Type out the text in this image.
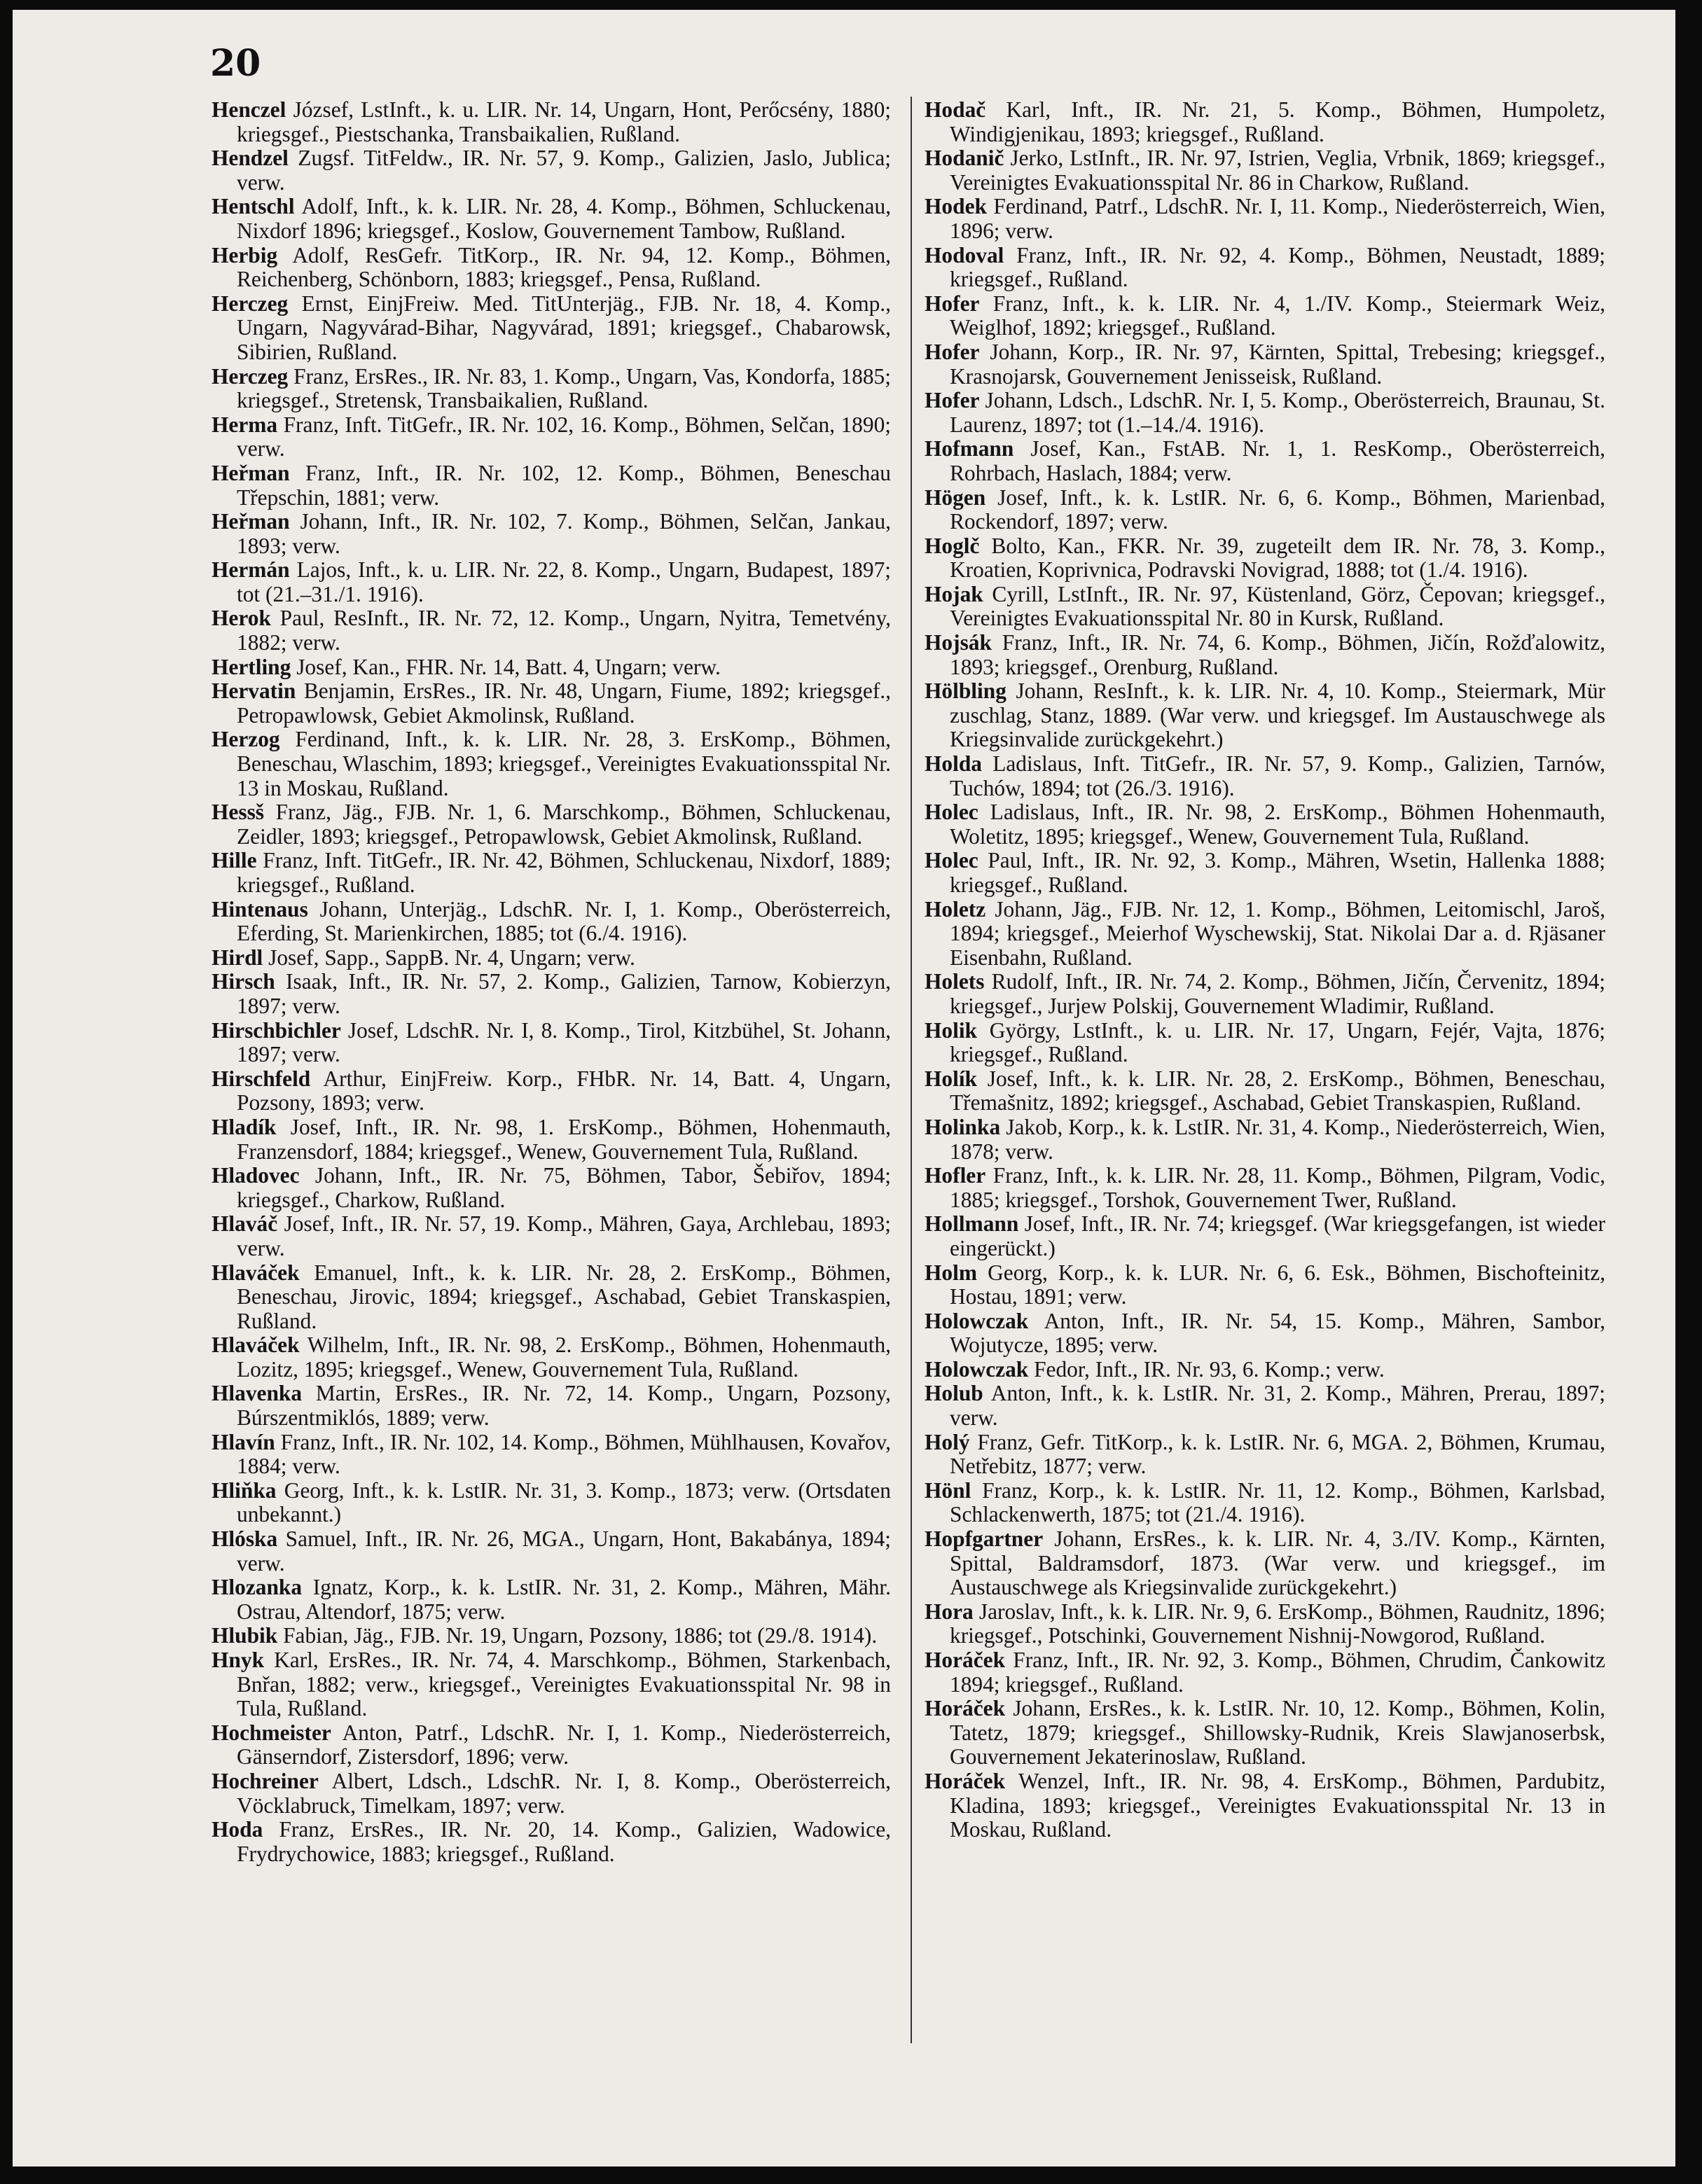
20

Henczel József, LstInft., k. u. LIR. Nr. 14, Ungarn, Hont, Perőcsény, 1880; kriegsgef., Piestschanka, Transbaikalien, Rußland.

Hendzel Zugsf. TitFeldw., IR. Nr. 57, 9. Komp., Galizien, Jaslo, Jublica; verw.

Hentschl Adolf, Inft., k. k. LIR. Nr. 28, 4. Komp., Böhmen, Schluckenau, Nixdorf 1896; kriegsgef., Koslow, Gouvernement Tambow, Rußland.

Herbig Adolf, ResGefr. TitKorp., IR. Nr. 94, 12. Komp., Böhmen, Reichenberg, Schönborn, 1883; kriegsgef., Pensa, Rußland.

Herczeg Ernst, EinjFreiw. Med. TitUnterjäg., FJB. Nr. 18, 4. Komp., Ungarn, Nagyvárad-Bihar, Nagyvárad, 1891; kriegsgef., Chabarowsk, Sibirien, Rußland.

Herczeg Franz, ErsRes., IR. Nr. 83, 1. Komp., Ungarn, Vas, Kondorfa, 1885; kriegsgef., Stretensk, Transbaikalien, Rußland.

Herma Franz, Inft. TitGefr., IR. Nr. 102, 16. Komp., Böhmen, Selčan, 1890; verw.

Heřman Franz, Inft., IR. Nr. 102, 12. Komp., Böhmen, Beneschau Třepschin, 1881; verw.

Heřman Johann, Inft., IR. Nr. 102, 7. Komp., Böhmen, Selčan, Jankau, 1893; verw.

Hermán Lajos, Inft., k. u. LIR. Nr. 22, 8. Komp., Ungarn, Budapest, 1897; tot (21.–31./1. 1916).

Herok Paul, ResInft., IR. Nr. 72, 12. Komp., Ungarn, Nyitra, Temetvény, 1882; verw.

Hertling Josef, Kan., FHR. Nr. 14, Batt. 4, Ungarn; verw.

Hervatin Benjamin, ErsRes., IR. Nr. 48, Ungarn, Fiume, 1892; kriegsgef., Petropawlowsk, Gebiet Akmolinsk, Rußland.

Herzog Ferdinand, Inft., k. k. LIR. Nr. 28, 3. ErsKomp., Böhmen, Beneschau, Wlaschim, 1893; kriegsgef., Vereinigtes Evakuationsspital Nr. 13 in Moskau, Rußland.

Hessš Franz, Jäg., FJB. Nr. 1, 6. Marschkomp., Böhmen, Schluckenau, Zeidler, 1893; kriegsgef., Petropawlowsk, Gebiet Akmolinsk, Rußland.

Hille Franz, Inft. TitGefr., IR. Nr. 42, Böhmen, Schluckenau, Nixdorf, 1889; kriegsgef., Rußland.

Hintenaus Johann, Unterjäg., LdschR. Nr. I, 1. Komp., Oberösterreich, Eferding, St. Marienkirchen, 1885; tot (6./4. 1916).

Hirdl Josef, Sapp., SappB. Nr. 4, Ungarn; verw.

Hirsch Isaak, Inft., IR. Nr. 57, 2. Komp., Galizien, Tarnow, Kobierzyn, 1897; verw.

Hirschbichler Josef, LdschR. Nr. I, 8. Komp., Tirol, Kitzbühel, St. Johann, 1897; verw.

Hirschfeld Arthur, EinjFreiw. Korp., FHbR. Nr. 14, Batt. 4, Ungarn, Pozsony, 1893; verw.

Hladík Josef, Inft., IR. Nr. 98, 1. ErsKomp., Böhmen, Hohenmauth, Franzensdorf, 1884; kriegsgef., Wenew, Gouvernement Tula, Rußland.

Hladovec Johann, Inft., IR. Nr. 75, Böhmen, Tabor, Šebiřov, 1894; kriegsgef., Charkow, Rußland.

Hlaváč Josef, Inft., IR. Nr. 57, 19. Komp., Mähren, Gaya, Archlebau, 1893; verw.

Hlaváček Emanuel, Inft., k. k. LIR. Nr. 28, 2. ErsKomp., Böhmen, Beneschau, Jirovic, 1894; kriegsgef., Aschabad, Gebiet Transkaspien, Rußland.

Hlaváček Wilhelm, Inft., IR. Nr. 98, 2. ErsKomp., Böhmen, Hohenmauth, Lozitz, 1895; kriegsgef., Wenew, Gouvernement Tula, Rußland.

Hlavenka Martin, ErsRes., IR. Nr. 72, 14. Komp., Ungarn, Pozsony, Búrszentmiklós, 1889; verw.

Hlavín Franz, Inft., IR. Nr. 102, 14. Komp., Böhmen, Mühlhausen, Kovařov, 1884; verw.

Hliňka Georg, Inft., k. k. LstIR. Nr. 31, 3. Komp., 1873; verw. (Ortsdaten unbekannt.)

Hlóska Samuel, Inft., IR. Nr. 26, MGA., Ungarn, Hont, Bakabánya, 1894; verw.

Hlozanka Ignatz, Korp., k. k. LstIR. Nr. 31, 2. Komp., Mähren, Mähr. Ostrau, Altendorf, 1875; verw.

Hlubik Fabian, Jäg., FJB. Nr. 19, Ungarn, Pozsony, 1886; tot (29./8. 1914).

Hnyk Karl, ErsRes., IR. Nr. 74, 4. Marschkomp., Böhmen, Starkenbach, Bnřan, 1882; verw., kriegsgef., Vereinigtes Evakuationsspital Nr. 98 in Tula, Rußland.

Hochmeister Anton, Patrf., LdschR. Nr. I, 1. Komp., Niederösterreich, Gänserndorf, Zistersdorf, 1896; verw.

Hochreiner Albert, Ldsch., LdschR. Nr. I, 8. Komp., Oberösterreich, Vöcklabruck, Timelkam, 1897; verw.

Hoda Franz, ErsRes., IR. Nr. 20, 14. Komp., Galizien, Wadowice, Frydrychowice, 1883; kriegsgef., Rußland.

Hodač Karl, Inft., IR. Nr. 21, 5. Komp., Böhmen, Humpoletz, Windigjenikau, 1893; kriegsgef., Rußland.

Hodanič Jerko, LstInft., IR. Nr. 97, Istrien, Veglia, Vrbnik, 1869; kriegsgef., Vereinigtes Evakuationsspital Nr. 86 in Charkow, Rußland.

Hodek Ferdinand, Patrf., LdschR. Nr. I, 11. Komp., Niederösterreich, Wien, 1896; verw.

Hodoval Franz, Inft., IR. Nr. 92, 4. Komp., Böhmen, Neustadt, 1889; kriegsgef., Rußland.

Hofer Franz, Inft., k. k. LIR. Nr. 4, 1./IV. Komp., Steiermark Weiz, Weiglhof, 1892; kriegsgef., Rußland.

Hofer Johann, Korp., IR. Nr. 97, Kärnten, Spittal, Trebesing; kriegsgef., Krasnojarsk, Gouvernement Jenisseisk, Rußland.

Hofer Johann, Ldsch., LdschR. Nr. I, 5. Komp., Oberösterreich, Braunau, St. Laurenz, 1897; tot (1.–14./4. 1916).

Hofmann Josef, Kan., FstAB. Nr. 1, 1. ResKomp., Oberösterreich, Rohrbach, Haslach, 1884; verw.

Högen Josef, Inft., k. k. LstIR. Nr. 6, 6. Komp., Böhmen, Marienbad, Rockendorf, 1897; verw.

Hoglč Bolto, Kan., FKR. Nr. 39, zugeteilt dem IR. Nr. 78, 3. Komp., Kroatien, Koprivnica, Podravski Novigrad, 1888; tot (1./4. 1916).

Hojak Cyrill, LstInft., IR. Nr. 97, Küstenland, Görz, Čepovan; kriegsgef., Vereinigtes Evakuationsspital Nr. 80 in Kursk, Rußland.

Hojsák Franz, Inft., IR. Nr. 74, 6. Komp., Böhmen, Jičín, Rožďalowitz, 1893; kriegsgef., Orenburg, Rußland.

Hölbling Johann, ResInft., k. k. LIR. Nr. 4, 10. Komp., Steiermark, Mür zuschlag, Stanz, 1889. (War verw. und kriegsgef. Im Austauschwege als Kriegsinvalide zurückgekehrt.)

Holda Ladislaus, Inft. TitGefr., IR. Nr. 57, 9. Komp., Galizien, Tarnów, Tuchów, 1894; tot (26./3. 1916).

Holec Ladislaus, Inft., IR. Nr. 98, 2. ErsKomp., Böhmen Hohenmauth, Woletitz, 1895; kriegsgef., Wenew, Gouvernement Tula, Rußland.

Holec Paul, Inft., IR. Nr. 92, 3. Komp., Mähren, Wsetin, Hallenka 1888; kriegsgef., Rußland.

Holetz Johann, Jäg., FJB. Nr. 12, 1. Komp., Böhmen, Leitomischl, Jaroš, 1894; kriegsgef., Meierhof Wyschewskij, Stat. Nikolai Dar a. d. Rjäsaner Eisenbahn, Rußland.

Holets Rudolf, Inft., IR. Nr. 74, 2. Komp., Böhmen, Jičín, Červenitz, 1894; kriegsgef., Jurjew Polskij, Gouvernement Wladimir, Rußland.

Holik György, LstInft., k. u. LIR. Nr. 17, Ungarn, Fejér, Vajta, 1876; kriegsgef., Rußland.

Holík Josef, Inft., k. k. LIR. Nr. 28, 2. ErsKomp., Böhmen, Beneschau, Třemašnitz, 1892; kriegsgef., Aschabad, Gebiet Transkaspien, Rußland.

Holinka Jakob, Korp., k. k. LstIR. Nr. 31, 4. Komp., Niederösterreich, Wien, 1878; verw.

Hofler Franz, Inft., k. k. LIR. Nr. 28, 11. Komp., Böhmen, Pilgram, Vodic, 1885; kriegsgef., Torshok, Gouvernement Twer, Rußland.

Hollmann Josef, Inft., IR. Nr. 74; kriegsgef. (War kriegsgefangen, ist wieder eingerückt.)

Holm Georg, Korp., k. k. LUR. Nr. 6, 6. Esk., Böhmen, Bischofteinitz, Hostau, 1891; verw.

Holowczak Anton, Inft., IR. Nr. 54, 15. Komp., Mähren, Sambor, Wojutycze, 1895; verw.

Holowczak Fedor, Inft., IR. Nr. 93, 6. Komp.; verw.

Holub Anton, Inft., k. k. LstIR. Nr. 31, 2. Komp., Mähren, Prerau, 1897; verw.

Holý Franz, Gefr. TitKorp., k. k. LstIR. Nr. 6, MGA. 2, Böhmen, Krumau, Netřebitz, 1877; verw.

Hönl Franz, Korp., k. k. LstIR. Nr. 11, 12. Komp., Böhmen, Karlsbad, Schlackenwerth, 1875; tot (21./4. 1916).

Hopfgartner Johann, ErsRes., k. k. LIR. Nr. 4, 3./IV. Komp., Kärnten, Spittal, Baldramsdorf, 1873. (War verw. und kriegsgef., im Austauschwege als Kriegsinvalide zurückgekehrt.)

Hora Jaroslav, Inft., k. k. LIR. Nr. 9, 6. ErsKomp., Böhmen, Raudnitz, 1896; kriegsgef., Potschinki, Gouvernement Nishnij-Nowgorod, Rußland.

Horáček Franz, Inft., IR. Nr. 92, 3. Komp., Böhmen, Chrudim, Čankowitz 1894; kriegsgef., Rußland.

Horáček Johann, ErsRes., k. k. LstIR. Nr. 10, 12. Komp., Böhmen, Kolin, Tatetz, 1879; kriegsgef., Shillowsky-Rudnik, Kreis Slawjanoserbsk, Gouvernement Jekaterinoslaw, Rußland.

Horáček Wenzel, Inft., IR. Nr. 98, 4. ErsKomp., Böhmen, Pardubitz, Kladina, 1893; kriegsgef., Vereinigtes Evakuationsspital Nr. 13 in Moskau, Rußland.
